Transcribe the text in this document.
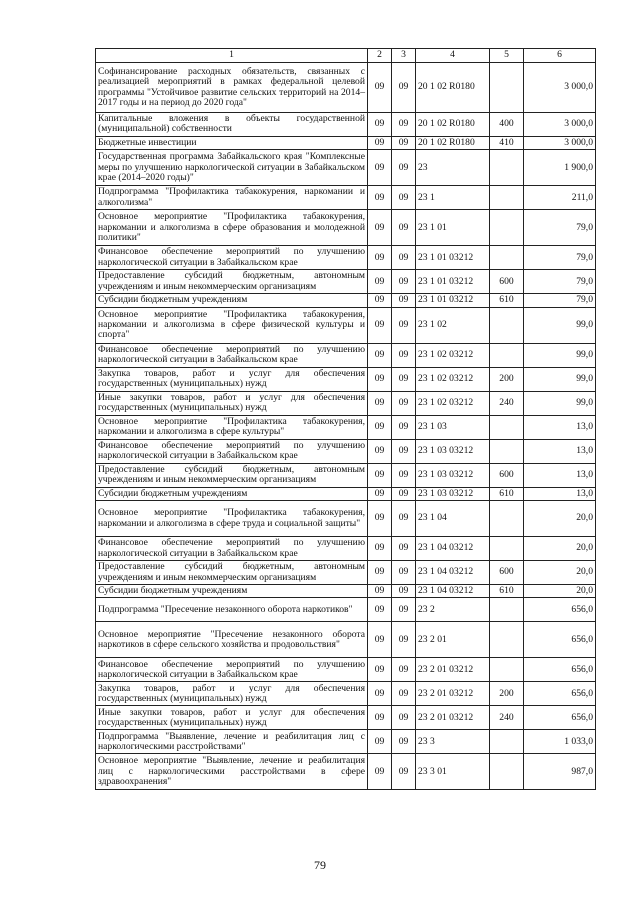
1	2	3	4	5	6
Софинансирование расходных обязательств, связанных с реализацией мероприятий в рамках федеральной целевой программы "Устойчивое развитие сельских территорий на 2014–2017 годы и на период до 2020 года"	09	09	20 1 02 R0180		3 000,0
Капитальные вложения в объекты государственной (муниципальной) собственности	09	09	20 1 02 R0180	400	3 000,0
Бюджетные инвестиции	09	09	20 1 02 R0180	410	3 000,0
Государственная программа Забайкальского края "Комплексные меры по улучшению наркологической ситуации в Забайкальском крае (2014–2020 годы)"	09	09	23		1 900,0
Подпрограмма "Профилактика табакокурения, наркомании и алкоголизма"	09	09	23 1		211,0
Основное мероприятие "Профилактика табакокурения, наркомании и алкоголизма в сфере образования и молодежной политики"	09	09	23 1 01		79,0
Финансовое обеспечение мероприятий по улучшению наркологической ситуации в Забайкальском крае	09	09	23 1 01 03212		79,0
Предоставление субсидий бюджетным, автономным учреждениям и иным некоммерческим организациям	09	09	23 1 01 03212	600	79,0
Субсидии бюджетным учреждениям	09	09	23 1 01 03212	610	79,0
Основное мероприятие "Профилактика табакокурения, наркомании и алкоголизма в сфере физической культуры и спорта"	09	09	23 1 02		99,0
Финансовое обеспечение мероприятий по улучшению наркологической ситуации в Забайкальском крае	09	09	23 1 02 03212		99,0
Закупка товаров, работ и услуг для обеспечения государственных (муниципальных) нужд	09	09	23 1 02 03212	200	99,0
Иные закупки товаров, работ и услуг для обеспечения государственных (муниципальных) нужд	09	09	23 1 02 03212	240	99,0
Основное мероприятие "Профилактика табакокурения, наркомании и алкоголизма в сфере культуры"	09	09	23 1 03		13,0
Финансовое обеспечение мероприятий по улучшению наркологической ситуации в Забайкальском крае	09	09	23 1 03 03212		13,0
Предоставление субсидий бюджетным, автономным учреждениям и иным некоммерческим организациям	09	09	23 1 03 03212	600	13,0
Субсидии бюджетным учреждениям	09	09	23 1 03 03212	610	13,0
Основное мероприятие "Профилактика табакокурения, наркомании и алкоголизма в сфере труда и социальной защиты"	09	09	23 1 04		20,0
Финансовое обеспечение мероприятий по улучшению наркологической ситуации в Забайкальском крае	09	09	23 1 04 03212		20,0
Предоставление субсидий бюджетным, автономным учреждениям и иным некоммерческим организациям	09	09	23 1 04 03212	600	20,0
Субсидии бюджетным учреждениям	09	09	23 1 04 03212	610	20,0
Подпрограмма "Пресечение незаконного оборота наркотиков"	09	09	23 2		656,0
Основное мероприятие "Пресечение незаконного оборота наркотиков в сфере сельского хозяйства и продовольствия"	09	09	23 2 01		656,0
Финансовое обеспечение мероприятий по улучшению наркологической ситуации в Забайкальском крае	09	09	23 2 01 03212		656,0
Закупка товаров, работ и услуг для обеспечения государственных (муниципальных) нужд	09	09	23 2 01 03212	200	656,0
Иные закупки товаров, работ и услуг для обеспечения государственных (муниципальных) нужд	09	09	23 2 01 03212	240	656,0
Подпрограмма "Выявление, лечение и реабилитация лиц с наркологическими расстройствами"	09	09	23 3		1 033,0
Основное мероприятие "Выявление, лечение и реабилитация лиц с наркологическими расстройствами в сфере здравоохранения"	09	09	23 3 01		987,0
79
